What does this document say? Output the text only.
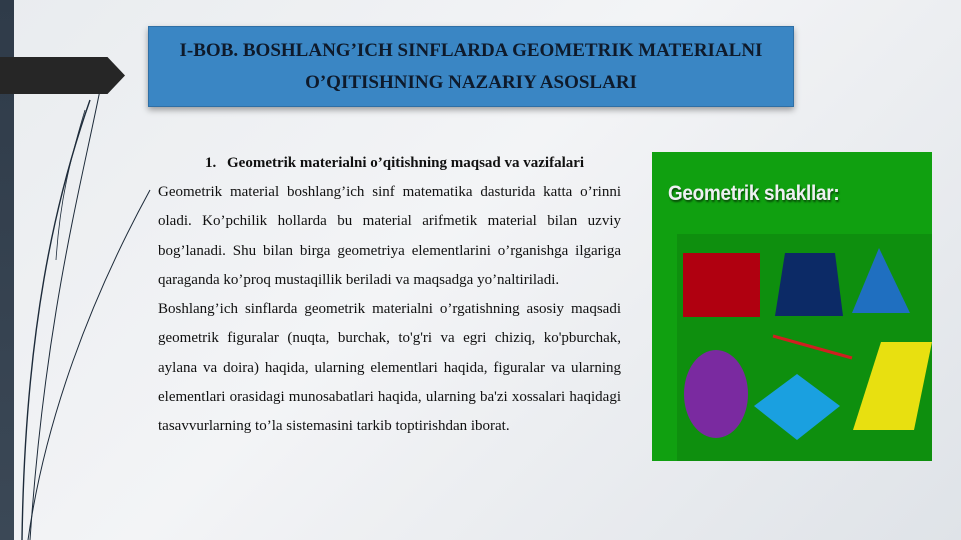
I-BOB. BOSHLANG’ICH SINFLARDA GEOMETRIK MATERIALNI
O’QITISHNING NAZARIY ASOSLARI
1. Geometrik materialni o’qitishning maqsad va vazifalari

Geometrik material boshlang’ich sinf matematika dasturida katta o’rinni oladi. Ko’pchilik hollarda bu material arifmetik material bilan uzviy bog’lanadi. Shu bilan birga geometriya elementlarini o’rganishga ilgariga qaraganda ko’proq mustaqillik beriladi va maqsadga yo’naltiriladi.

Boshlang’ich sinflarda geometrik materialni o’rgatishning asosiy maqsadi geometrik figuralar (nuqta, burchak, to'g'ri va egri chiziq, ko'pburchak, aylana va doira) haqida, ularning elementlari haqida, figuralar va ularning elementlari orasidagi munosabatlari haqida, ularning ba'zi xossalari haqidagi tasavvurlarning to’la sistemasini tarkib toptirishdan iborat.

Geometrik shakllar:
